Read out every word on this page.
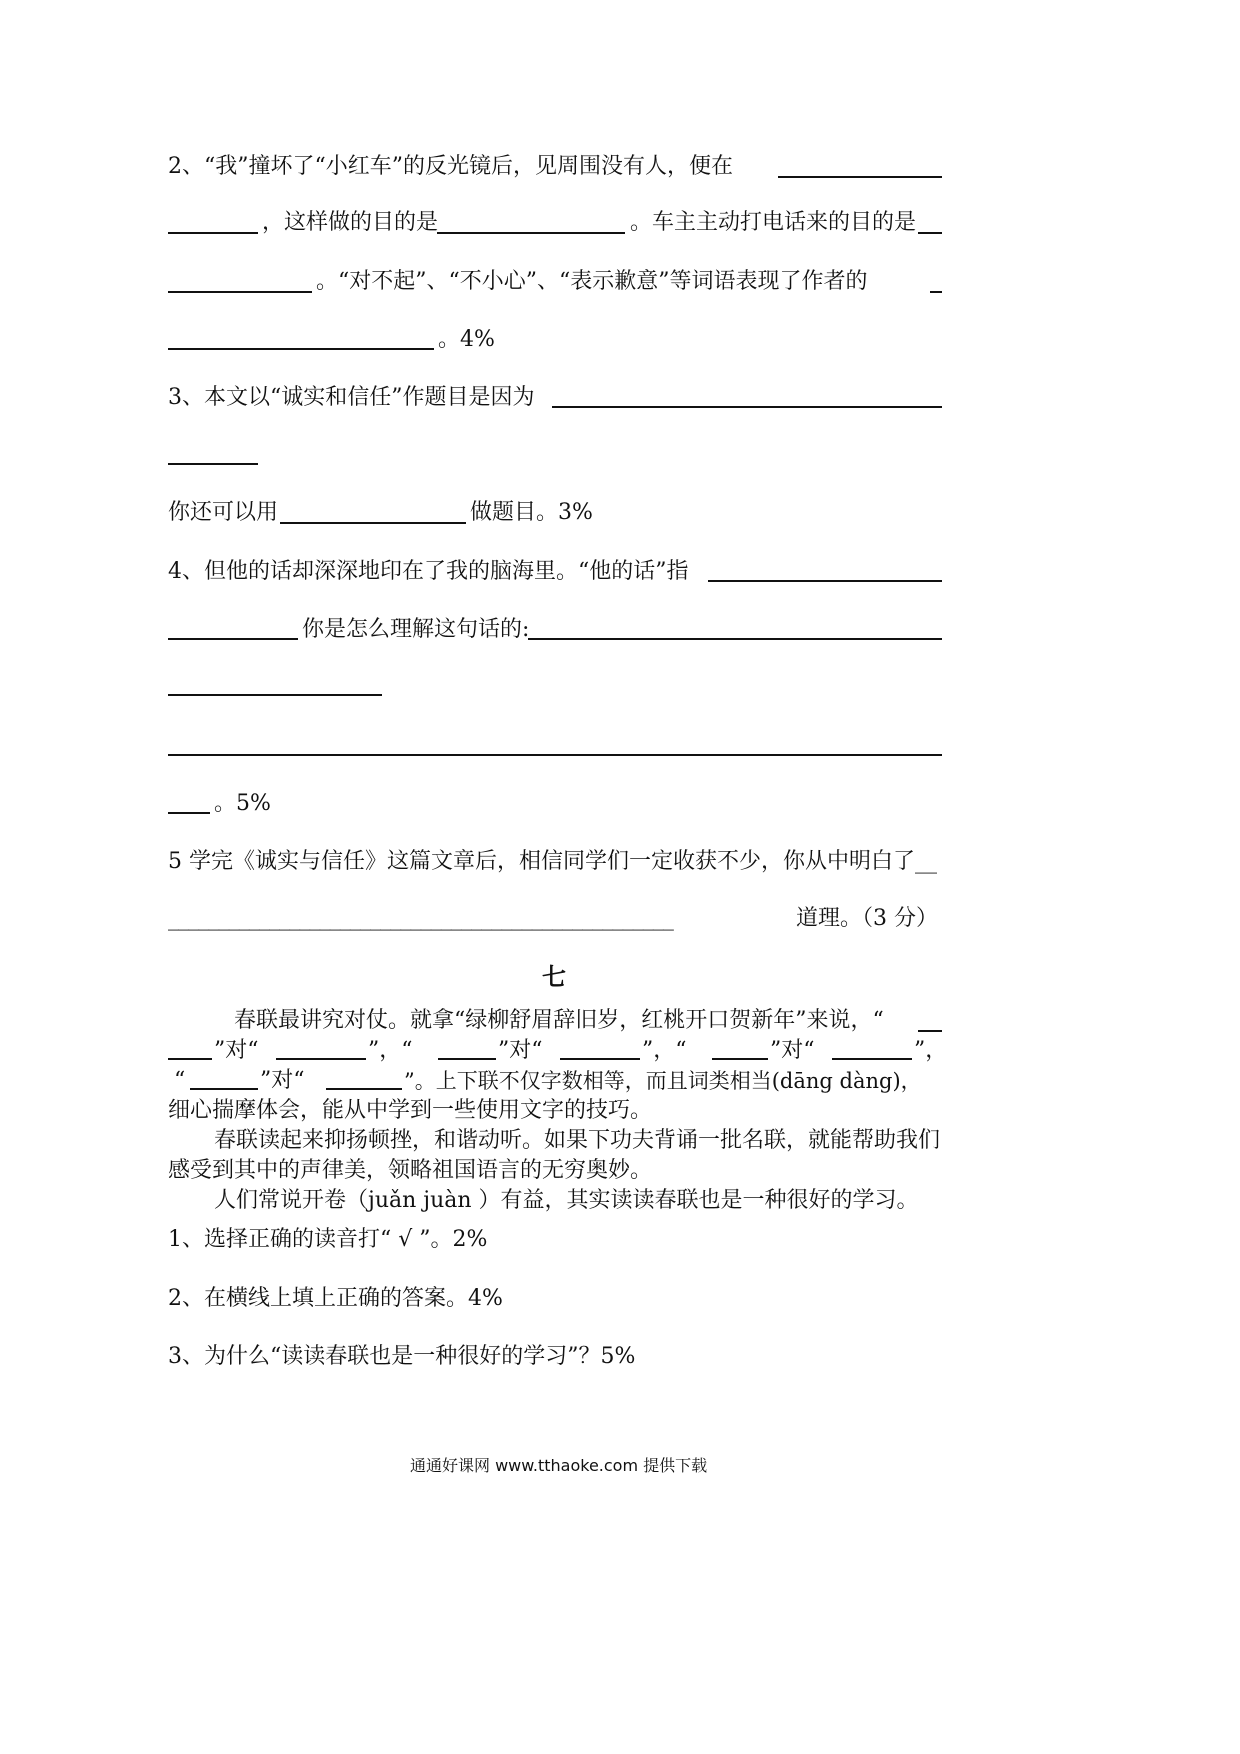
2、“我”撞坏了“小红车”的反光镜后，见周围没有人，便在
，这样做的目的是	。车主主动打电话来的目的是
。“对不起”、“不小心”、“表示歉意”等词语表现了作者的
。4%
3、本文以“诚实和信任”作题目是因为
你还可以用	做题目。3%
4、但他的话却深深地印在了我的脑海里。“他的话”指
你是怎么理解这句话的:
。5%
5 学完《诚实与信任》这篇文章后，相信同学们一定收获不少，你从中明白了__
__________________________________________________	道理。（3 分）
七
春联最讲究对仗。就拿“绿柳舒眉辞旧岁，红桃开口贺新年”来说，“
”对“	”，“	”对“	”，“	”对“	”，
“	”对“	”。上下联不仅字数相等，而且词类相当(dāng dàng)，
细心揣摩体会，能从中学到一些使用文字的技巧。
春联读起来抑扬顿挫，和谐动听。如果下功夫背诵一批名联，就能帮助我们
感受到其中的声律美，领略祖国语言的无穷奥妙。
人们常说开卷（juǎn juàn ）有益，其实读读春联也是一种很好的学习。
1、选择正确的读音打“ √ ”。2%
2、在横线上填上正确的答案。4%
3、为什么“读读春联也是一种很好的学习”？5%
通通好课网 www.tthaoke.com 提供下载
